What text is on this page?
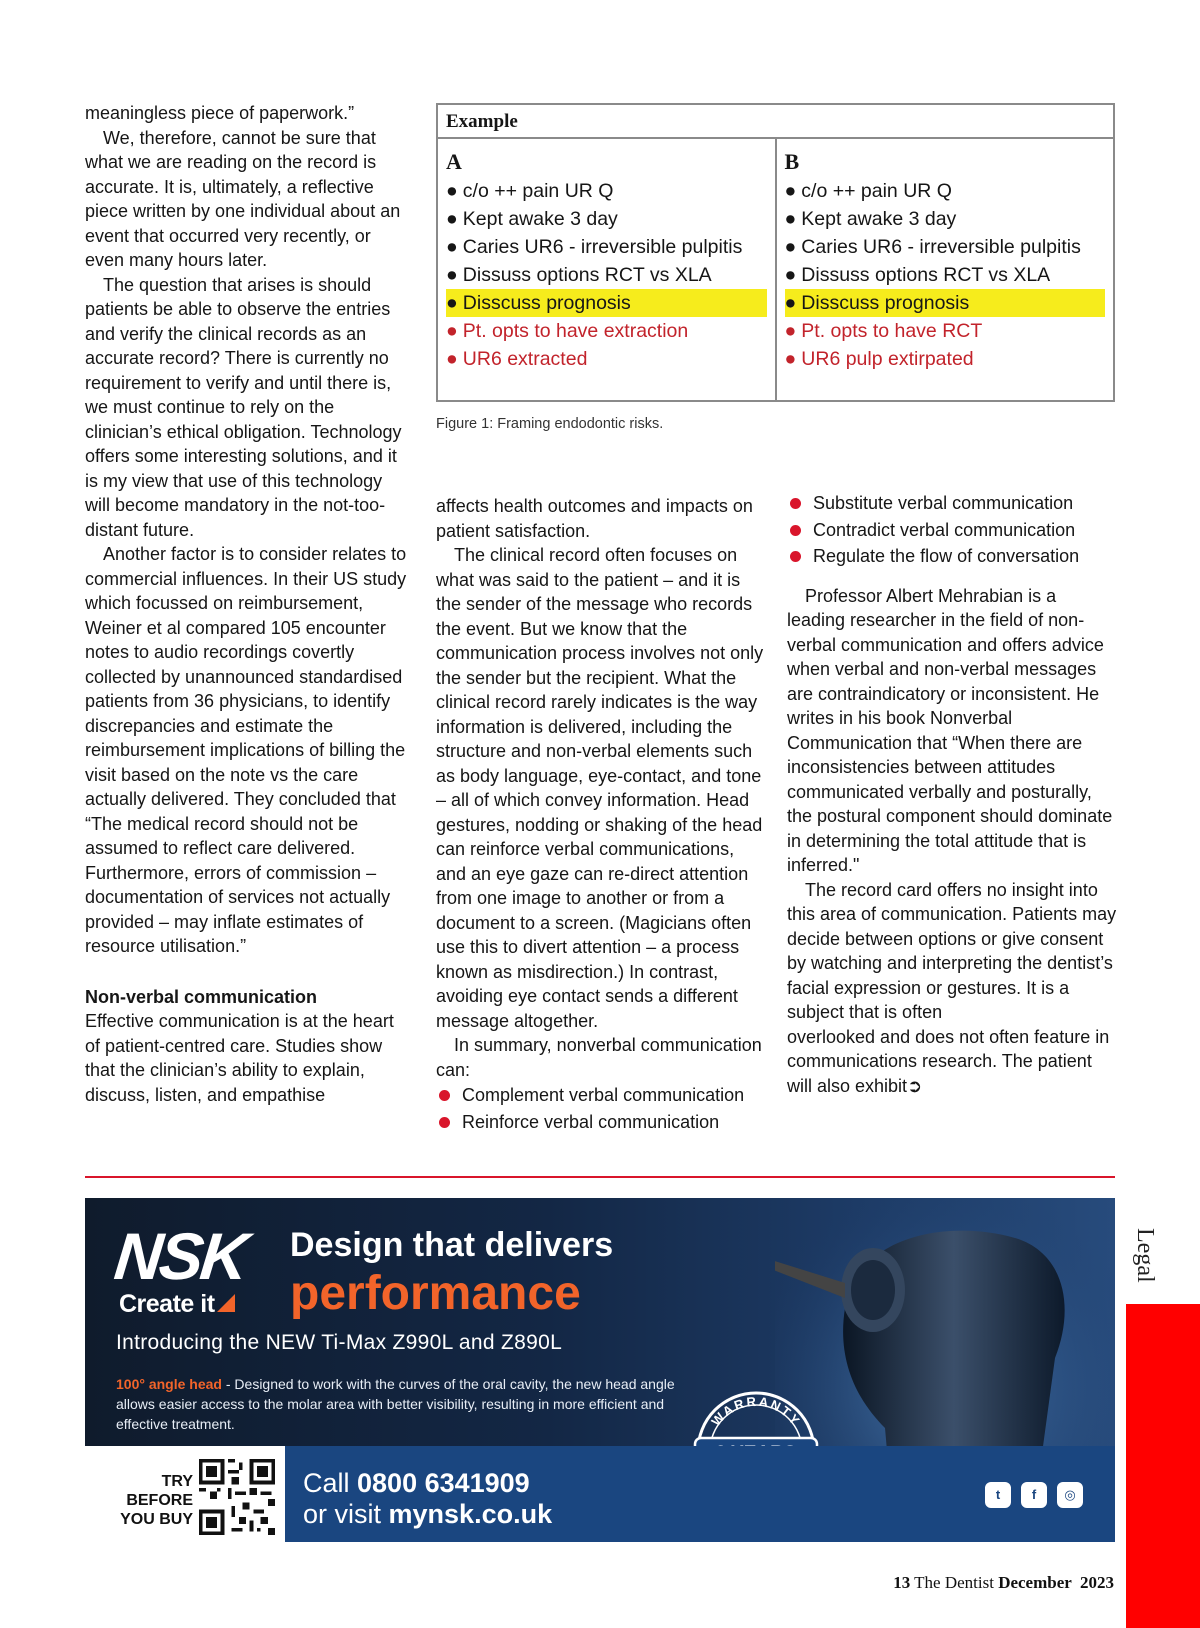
meaningless piece of paperwork.”

We, therefore, cannot be sure that what we are reading on the record is accurate. It is, ultimately, a reflective piece written by one individual about an event that occurred very recently, or even many hours later.

The question that arises is should patients be able to observe the entries and verify the clinical records as an accurate record? There is currently no requirement to verify and until there is, we must continue to rely on the clinician’s ethical obligation. Technology offers some interesting solutions, and it is my view that use of this technology will become mandatory in the not-too-distant future.

Another factor is to consider relates to commercial influences. In their US study which focussed on reimbursement, Weiner et al compared 105 encounter notes to audio recordings covertly collected by unannounced standardised patients from 36 physicians, to identify discrepancies and estimate the reimbursement implications of billing the visit based on the note vs the care actually delivered. They concluded that “The medical record should not be assumed to reflect care delivered. Furthermore, errors of commission – documentation of services not actually provided – may inflate estimates of resource utilisation.”

Non-verbal communication

Effective communication is at the heart of patient-centred care. Studies show that the clinician’s ability to explain, discuss, listen, and empathise

Example
A
● c/o ++ pain UR Q
● Kept awake 3 day
● Caries UR6 - irreversible pulpitis
● Dissuss options RCT vs XLA
● Disscuss prognosis
● Pt. opts to have extraction
● UR6 extracted
B
● c/o ++ pain UR Q
● Kept awake 3 day
● Caries UR6 - irreversible pulpitis
● Dissuss options RCT vs XLA
● Disscuss prognosis
● Pt. opts to have RCT
● UR6 pulp extirpated
Figure 1: Framing endodontic risks.

affects health outcomes and impacts on patient satisfaction.

The clinical record often focuses on what was said to the patient – and it is the sender of the message who records the event. But we know that the communication process involves not only the sender but the recipient. What the clinical record rarely indicates is the way information is delivered, including the structure and non-verbal elements such as body language, eye-contact, and tone – all of which convey information. Head gestures, nodding or shaking of the head can reinforce verbal communications, and an eye gaze can re-direct attention from one image to another or from a document to a screen. (Magicians often use this to divert attention – a process known as misdirection.) In contrast, avoiding eye contact sends a different message altogether.

In summary, nonverbal communication can:

Complement verbal communication
Reinforce verbal communication
Substitute verbal communication
Contradict verbal communication
Regulate the flow of conversation

Professor Albert Mehrabian is a leading researcher in the field of non-verbal communication and offers advice when verbal and non-verbal messages are contraindicatory or inconsistent. He writes in his book Nonverbal Communication that “When there are inconsistencies between attitudes communicated verbally and posturally, the postural component should dominate in determining the total attitude that is inferred."

The record card offers no insight into this area of communication. Patients may decide between options or give consent by watching and interpreting the dentist’s facial expression or gestures. It is a subject that is often
overlooked and does not often feature in communications research. The patient will also exhibit➲

NSK
Create it
Design that delivers
performance
Introducing the NEW Ti-Max Z990L and Z890L
100° angle head - Designed to work with the curves of the oral cavity, the new head angle allows easier access to the molar area with better visibility, resulting in more efficient and effective treatment.	WARRANTY
TRY
BEFORE
YOU BUY
Call 0800 6341909
or visit mynsk.co.uk
t	f	◎
Legal
13 The Dentist December  2023
